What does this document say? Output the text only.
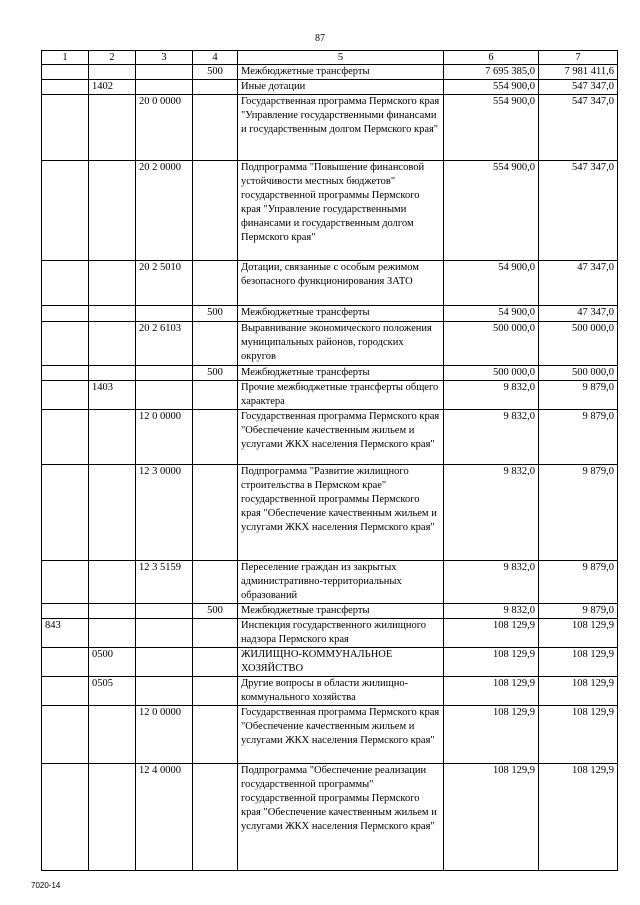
87
1	2	3	4	5	6	7
			500	Межбюджетные трансферты	7 695 385,0	7 981 411,6
	1402			Иные дотации	554 900,0	547 347,0
		20 0 0000		Государственная программа Пермского края "Управление государственными финансами и государственным долгом Пермского края"	554 900,0	547 347,0
		20 2 0000		Подпрограмма "Повышение финансовой устойчивости местных бюджетов" государственной программы Пермского края "Управление государственными финансами и государственным долгом Пермского края"	554 900,0	547 347,0
		20 2 5010		Дотации, связанные с особым режимом безопасного функционирования ЗАТО	54 900,0	47 347,0
			500	Межбюджетные трансферты	54 900,0	47 347,0
		20 2 6103		Выравнивание экономического положения муниципальных районов, городских округов	500 000,0	500 000,0
			500	Межбюджетные трансферты	500 000,0	500 000,0
	1403			Прочие межбюджетные трансферты общего характера	9 832,0	9 879,0
		12 0 0000		Государственная программа Пермского края "Обеспечение качественным жильем и услугами ЖКХ населения Пермского края"	9 832,0	9 879,0
		12 3 0000		Подпрограмма "Развитие жилищного строительства в Пермском крае" государственной программы Пермского края "Обеспечение качественным жильем и услугами ЖКХ населения Пермского края"	9 832,0	9 879,0
		12 3 5159		Переселение граждан из закрытых административно-территориальных образований	9 832,0	9 879,0
			500	Межбюджетные трансферты	9 832,0	9 879,0
843				Инспекция государственного жилищного надзора Пермского края	108 129,9	108 129,9
	0500			ЖИЛИЩНО-КОММУНАЛЬНОЕ ХОЗЯЙСТВО	108 129,9	108 129,9
	0505			Другие вопросы в области жилищно-коммунального хозяйства	108 129,9	108 129,9
		12 0 0000		Государственная программа Пермского края "Обеспечение качественным жильем и услугами ЖКХ населения Пермского края"	108 129,9	108 129,9
		12 4 0000		Подпрограмма "Обеспечение реализации государственной программы" государственной программы Пермского края "Обеспечение качественным жильем и услугами ЖКХ населения Пермского края"	108 129,9	108 129,9
7020-14
